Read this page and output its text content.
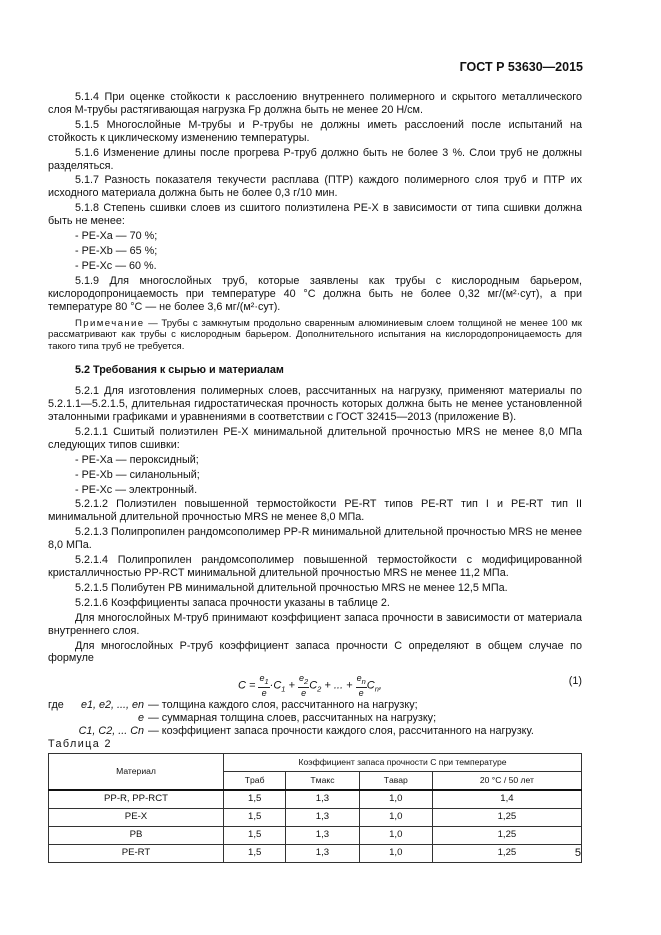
ГОСТ Р 53630—2015

5.1.4 При оценке стойкости к расслоению внутреннего полимерного и скрытого металлического слоя М-трубы растягивающая нагрузка Fр должна быть не менее 20 Н/см.

5.1.5 Многослойные М-трубы и Р-трубы не должны иметь расслоений после испытаний на стойкость к циклическому изменению температуры.

5.1.6 Изменение длины после прогрева Р-труб должно быть не более 3 %. Слои труб не должны разделяться.

5.1.7 Разность показателя текучести расплава (ПТР) каждого полимерного слоя труб и ПТР их исходного материала должна быть не более 0,3 г/10 мин.

5.1.8 Степень сшивки слоев из сшитого полиэтилена РЕ-Х в зависимости от типа сшивки должна быть не менее:

- PE-Xa — 70 %;

- PE-Xb — 65 %;

- PE-Xc — 60 %.

5.1.9 Для многослойных труб, которые заявлены как трубы с кислородным барьером, кислородопроницаемость при температуре 40 °С должна быть не более 0,32 мг/(м²·сут), а при температуре 80 °С — не более 3,6 мг/(м²·сут).

Примечание — Трубы с замкнутым продольно сваренным алюминиевым слоем толщиной не менее 100 мк рассматривают как трубы с кислородным барьером. Дополнительного испытания на кислородопроницаемость для такого типа труб не требуется.

5.2 Требования к сырью и материалам

5.2.1 Для изготовления полимерных слоев, рассчитанных на нагрузку, применяют материалы по 5.2.1.1—5.2.1.5, длительная гидростатическая прочность которых должна быть не менее установленной эталонными графиками и уравнениями в соответствии с ГОСТ 32415—2013 (приложение В).

5.2.1.1 Сшитый полиэтилен РЕ-Х минимальной длительной прочностью MRS не менее 8,0 МПа следующих типов сшивки:

- PE-Xa — пероксидный;

- PE-Xb — силанольный;

- PE-Xc — электронный.

5.2.1.2 Полиэтилен повышенной термостойкости PE-RT типов PE-RT тип I и PE-RT тип II минимальной длительной прочностью MRS не менее 8,0 МПа.

5.2.1.3 Полипропилен рандомсополимер PP-R минимальной длительной прочностью MRS не менее 8,0 МПа.

5.2.1.4 Полипропилен рандомсополимер повышенной термостойкости с модифицированной кристалличностью PP-RCT минимальной длительной прочностью MRS не менее 11,2 МПа.

5.2.1.5 Полибутен PB минимальной длительной прочностью MRS не менее 12,5 МПа.

5.2.1.6 Коэффициенты запаса прочности указаны в таблице 2.

Для многослойных М-труб принимают коэффициент запаса прочности в зависимости от материала внутреннего слоя.

Для многослойных Р-труб коэффициент запаса прочности C определяют в общем случае по формуле

$C = \frac{e_1}{e}\cdot C_1 + \frac{e_2}{e}C_2$ + ... + $\frac{e_n}{e}C_n$,	(1)
где	e1, e2, ..., en — толщина каждого слоя, рассчитанного на нагрузку;
e — суммарная толщина слоев, рассчитанных на нагрузку;
C1, C2, ... Cn — коэффициент запаса прочности каждого слоя, рассчитанного на нагрузку.

Таблица 2

Материал	Коэффициент запаса прочности C при температуре			
	Tраб	Tмакс	Tавар	20 °С / 50 лет
PP-R, PP-RCT	1,5	1,3	1,0	1,4
PE-X	1,5	1,3	1,0	1,25
PB	1,5	1,3	1,0	1,25
PE-RT	1,5	1,3	1,0	1,25	5
